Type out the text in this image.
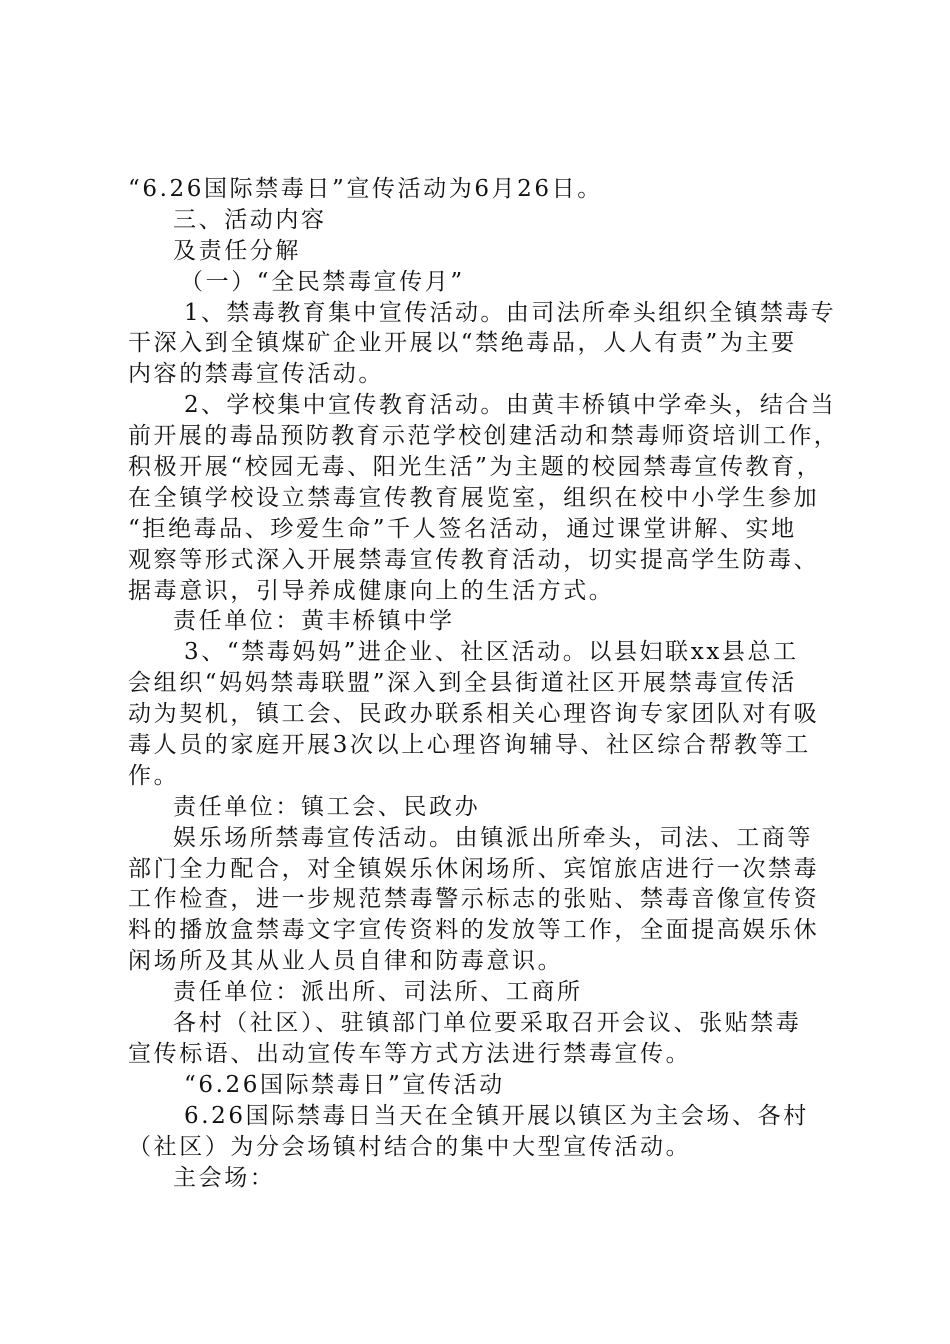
“6.26国际禁毒日”宣传活动为6月26日。
三、活动内容
及责任分解
（一）“全民禁毒宣传月”
1、禁毒教育集中宣传活动。由司法所牵头组织全镇禁毒专
干深入到全镇煤矿企业开展以“禁绝毒品，人人有责”为主要
内容的禁毒宣传活动。
2、学校集中宣传教育活动。由黄丰桥镇中学牵头，结合当
前开展的毒品预防教育示范学校创建活动和禁毒师资培训工作，
积极开展“校园无毒、阳光生活”为主题的校园禁毒宣传教育，
在全镇学校设立禁毒宣传教育展览室，组织在校中小学生参加
“拒绝毒品、珍爱生命”千人签名活动，通过课堂讲解、实地
观察等形式深入开展禁毒宣传教育活动，切实提高学生防毒、
据毒意识，引导养成健康向上的生活方式。
责任单位：黄丰桥镇中学
3、“禁毒妈妈”进企业、社区活动。以县妇联xx县总工
会组织“妈妈禁毒联盟”深入到全县街道社区开展禁毒宣传活
动为契机，镇工会、民政办联系相关心理咨询专家团队对有吸
毒人员的家庭开展3次以上心理咨询辅导、社区综合帮教等工
作。
责任单位：镇工会、民政办
娱乐场所禁毒宣传活动。由镇派出所牵头，司法、工商等
部门全力配合，对全镇娱乐休闲场所、宾馆旅店进行一次禁毒
工作检查，进一步规范禁毒警示标志的张贴、禁毒音像宣传资
料的播放盒禁毒文字宣传资料的发放等工作，全面提高娱乐休
闲场所及其从业人员自律和防毒意识。
责任单位：派出所、司法所、工商所
各村（社区）、驻镇部门单位要采取召开会议、张贴禁毒
宣传标语、出动宣传车等方式方法进行禁毒宣传。
“6.26国际禁毒日”宣传活动
6.26国际禁毒日当天在全镇开展以镇区为主会场、各村
（社区）为分会场镇村结合的集中大型宣传活动。
主会场：
